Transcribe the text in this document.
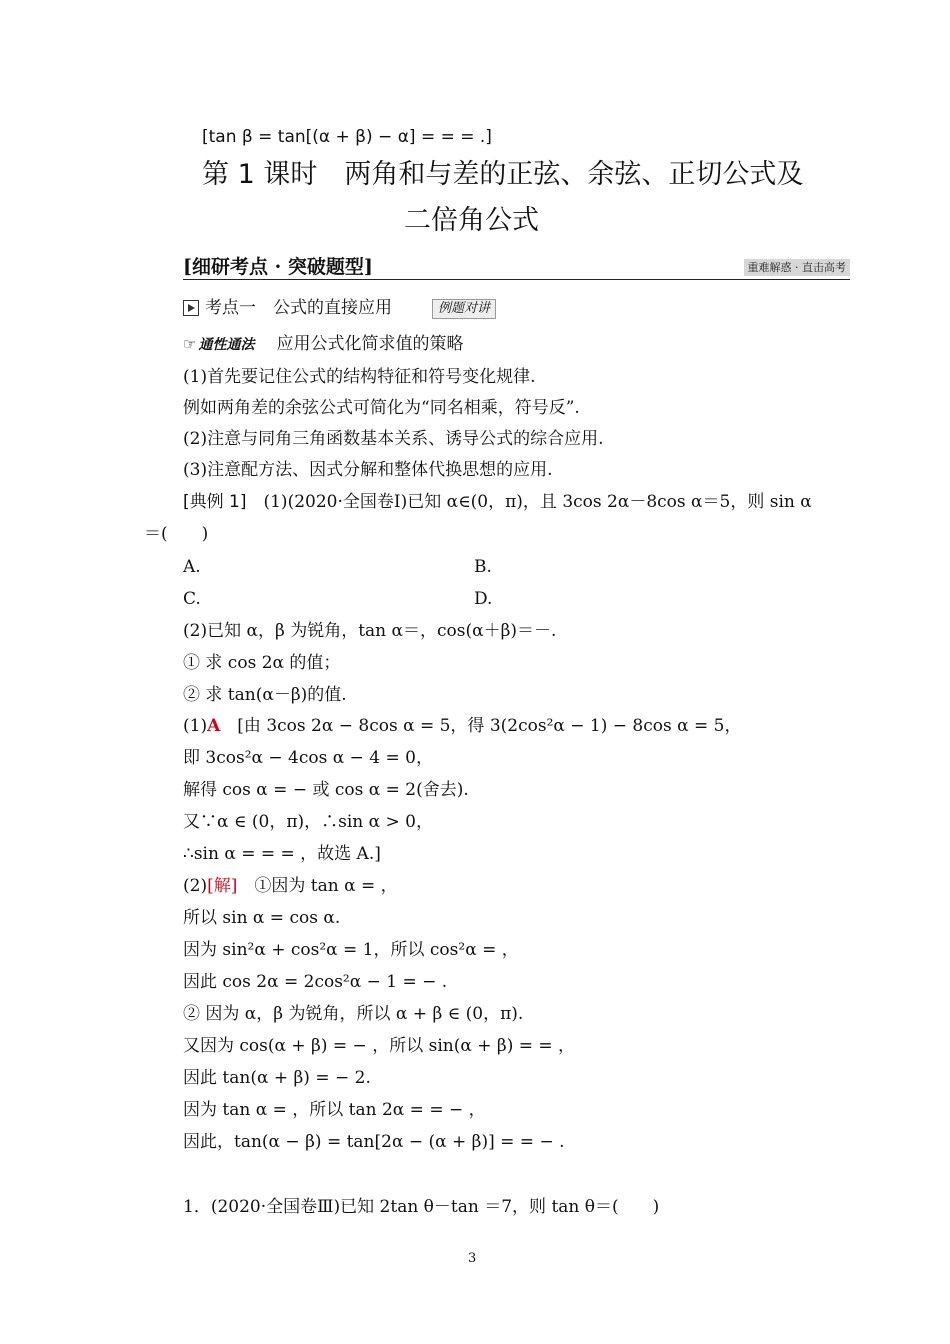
[tan β = tan[(α + β) − α] = = = .]
第 1 课时　两角和与差的正弦、余弦、正切公式及
二倍角公式
[细研考点 · 突破题型]	重难解惑 · 直击高考
考点一　公式的直接应用	例题对讲
☞ 通性通法 应用公式化简求值的策略
(1)首先要记住公式的结构特征和符号变化规律.
例如两角差的余弦公式可简化为“同名相乘，符号反”.
(2)注意与同角三角函数基本关系、诱导公式的综合应用.
(3)注意配方法、因式分解和整体代换思想的应用.
[典例 1]　 (1)(2020·全国卷Ⅰ)已知 α∈(0，π)，且 3cos 2α－8cos α＝5，则 sin α
＝(　　)
A.	B.
C.	D.
(2)已知 α，β 为锐角，tan α＝，cos(α＋β)＝－.
① 求 cos 2α 的值；
② 求 tan(α－β)的值.
(1)A　 [由 3cos 2α − 8cos α = 5，得 3(2cos²α − 1) − 8cos α = 5，
即 3cos²α − 4cos α − 4 = 0，
解得 cos α = − 或 cos α = 2(舍去).
又∵α ∈ (0，π)，∴sin α > 0，
∴sin α = = = ，故选 A.]
(2)[解]　 ①因为 tan α = ，
所以 sin α = cos α.
因为 sin²α + cos²α = 1，所以 cos²α = ，
因此 cos 2α = 2cos²α − 1 = − .
② 因为 α，β 为锐角，所以 α + β ∈ (0，π).
又因为 cos(α + β) = − ，所以 sin(α + β) = = ，
因此 tan(α + β) = − 2.
因为 tan α = ，所以 tan 2α = = − ，
因此，tan(α − β) = tan[2α − (α + β)] = = − .
1．(2020·全国卷Ⅲ)已知 2tan θ－tan ＝7，则 tan θ＝(　　)
3
